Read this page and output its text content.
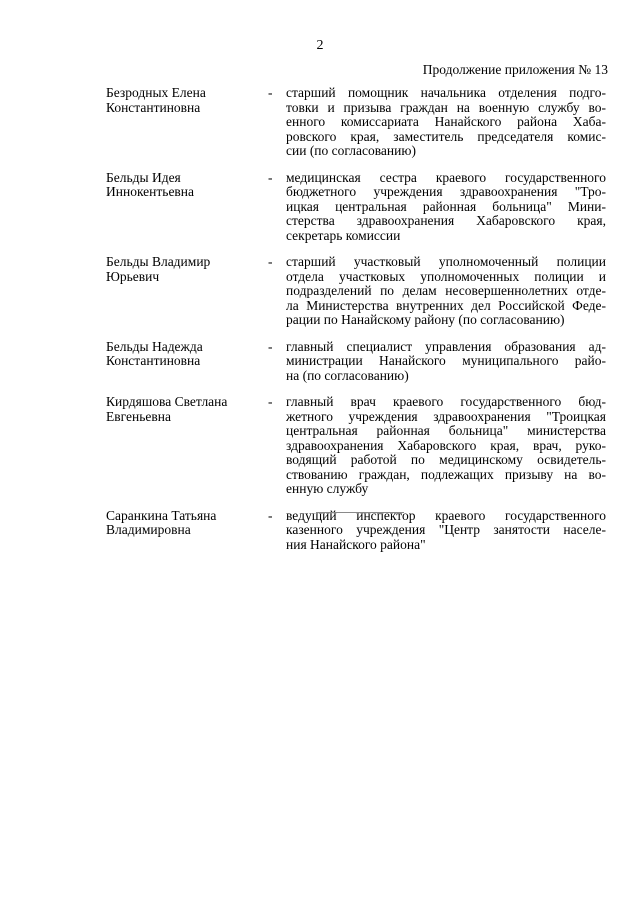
2
Продолжение приложения № 13
Безродных Елена
Константиновна
-	старший помощник начальника отделения подго-
товки и призыва граждан на военную службу во-
енного комиссариата Нанайского района Хаба-
ровского края, заместитель председателя комис-
сии (по согласованию)
Бельды Идея
Иннокентьевна
-	медицинская сестра краевого государственного
бюджетного учреждения здравоохранения "Тро-
ицкая центральная районная больница" Мини-
стерства здравоохранения Хабаровского края,
секретарь комиссии
Бельды Владимир
Юрьевич
-	старший участковый уполномоченный полиции
отдела участковых уполномоченных полиции и
подразделений по делам несовершеннолетних отде-
ла Министерства внутренних дел Российской Феде-
рации по Нанайскому району (по согласованию)
Бельды Надежда
Константиновна
-	главный специалист управления образования ад-
министрации Нанайского муниципального райо-
на (по согласованию)
Кирдяшова Светлана
Евгеньевна
-	главный врач краевого государственного бюд-
жетного учреждения здравоохранения "Троицкая
центральная районная больница" министерства
здравоохранения Хабаровского края, врач, руко-
водящий работой по медицинскому освидетель-
ствованию граждан, подлежащих призыву на во-
енную службу
Саранкина Татьяна
Владимировна
-	ведущий инспектор краевого государственного
казенного учреждения "Центр занятости населе-
ния Нанайского района"
